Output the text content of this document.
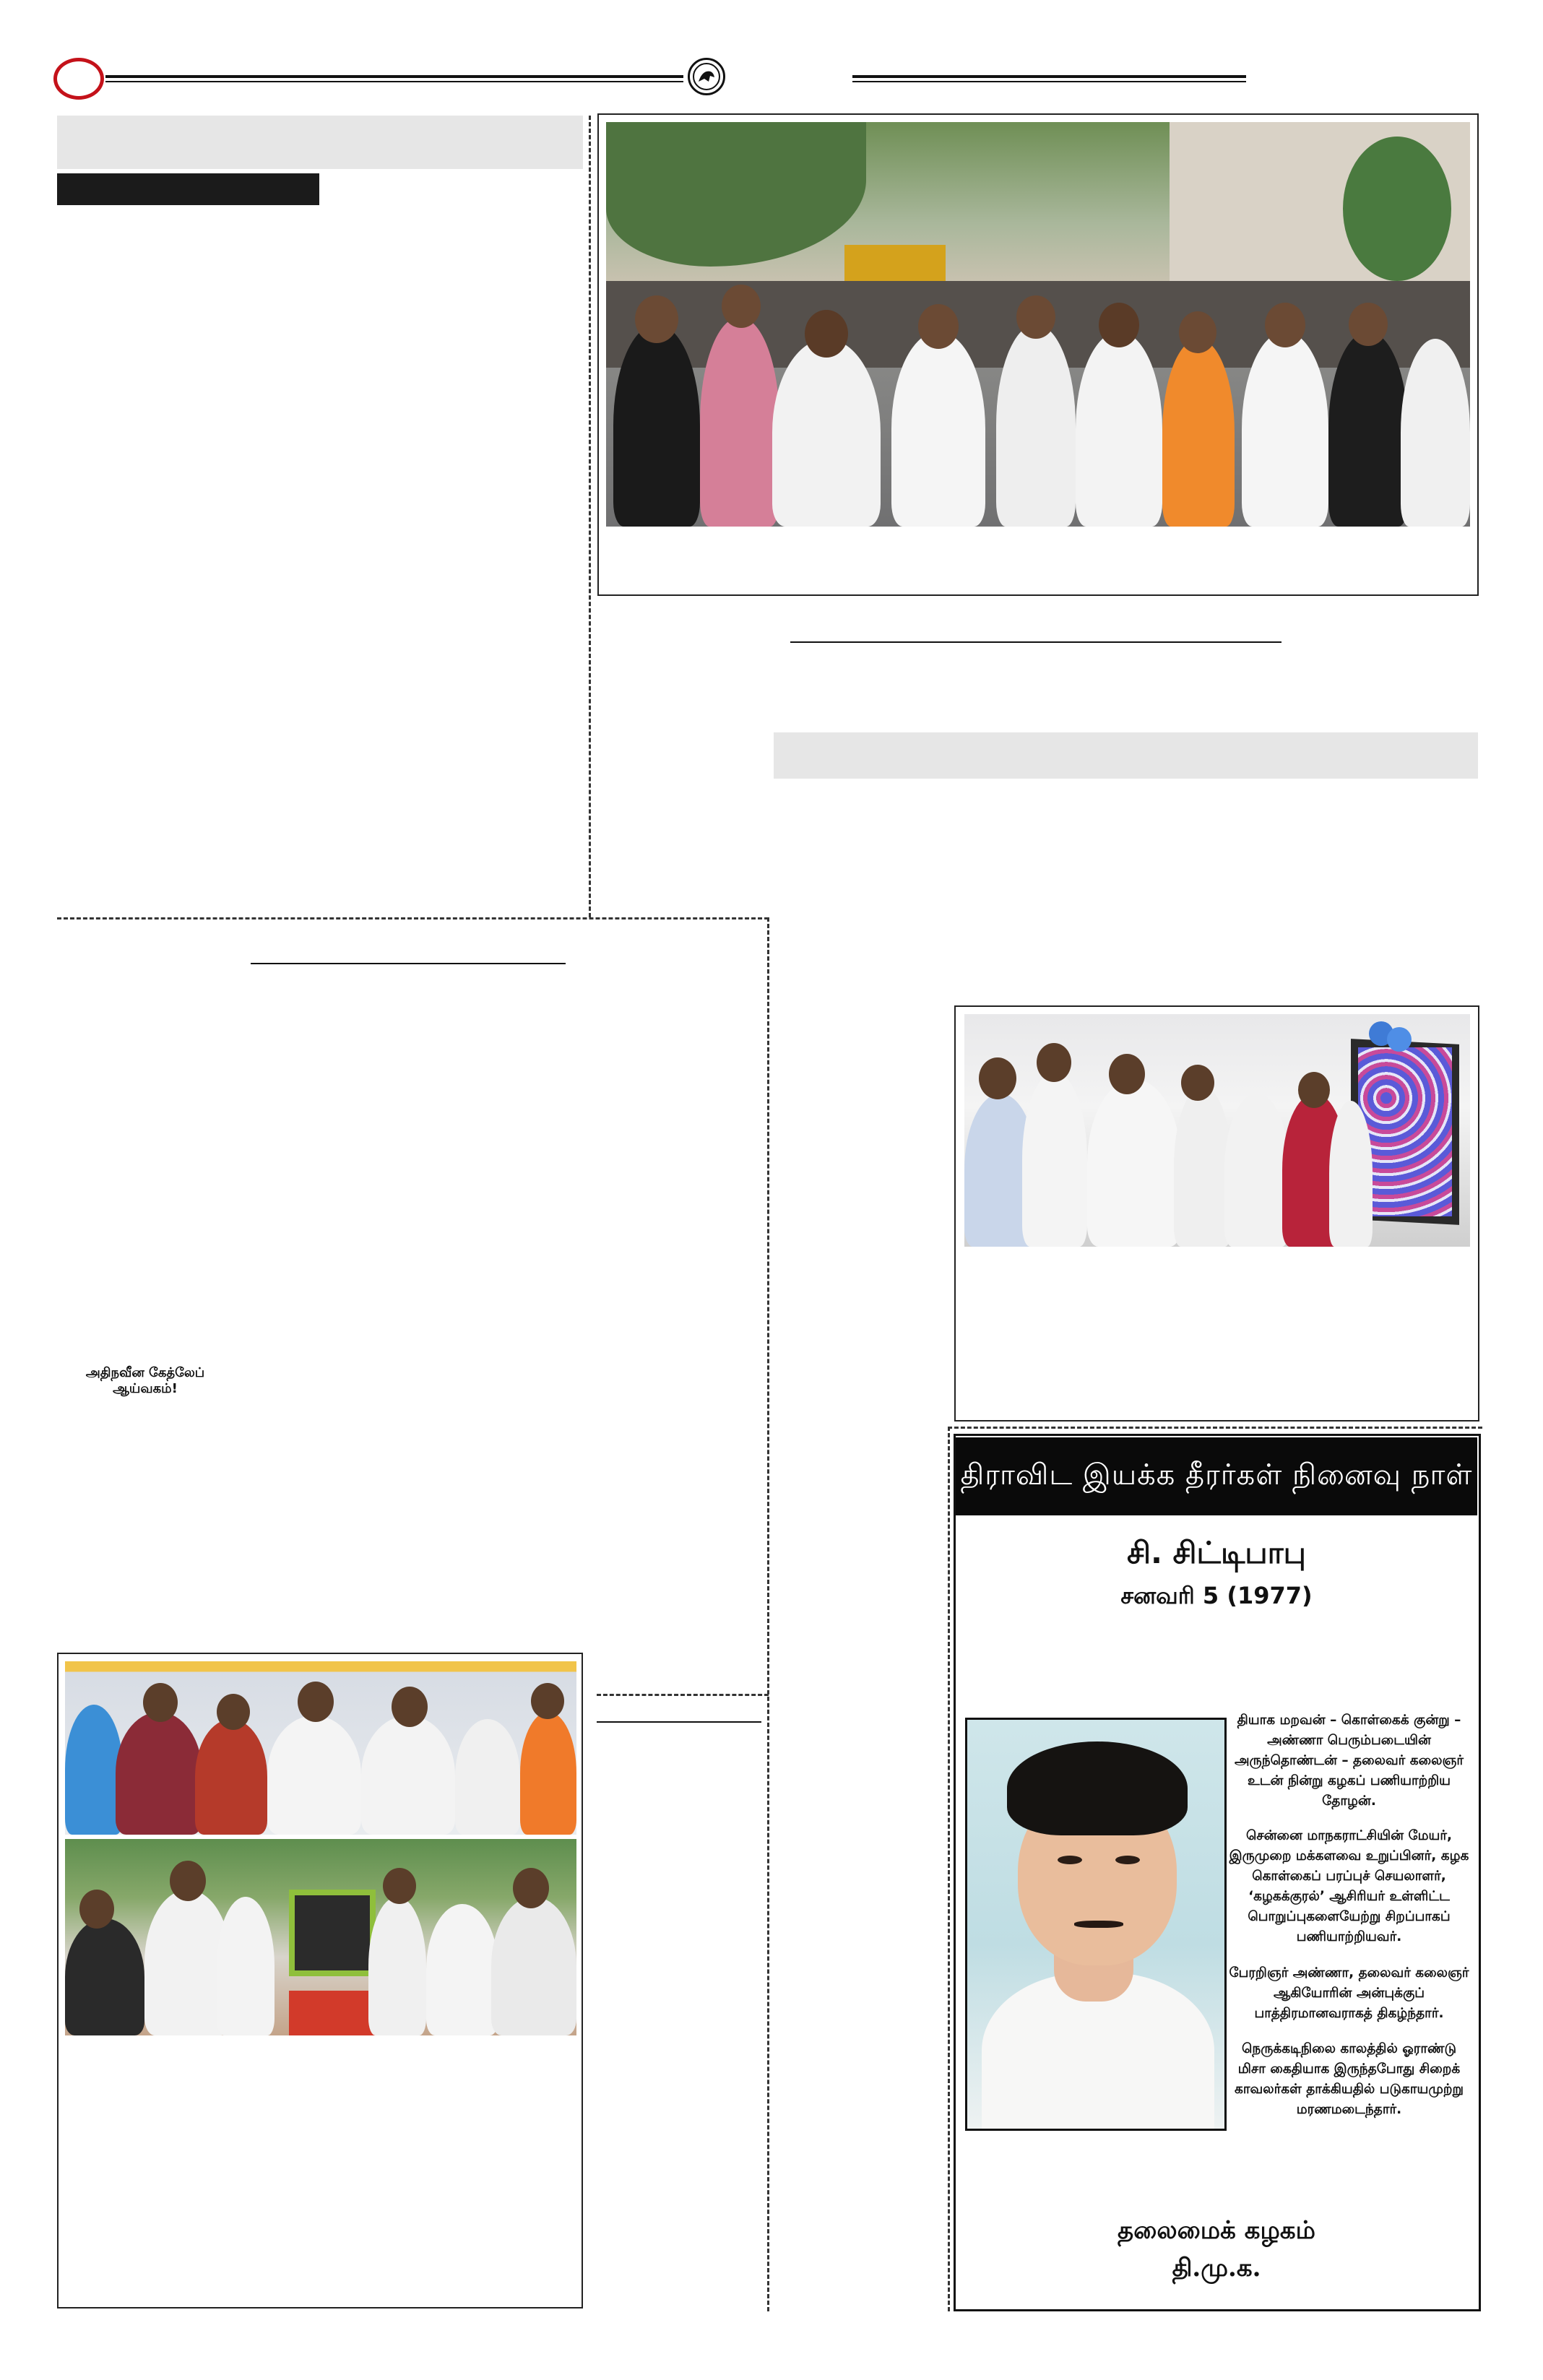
அதிநவீன கேத்லேப்
ஆய்வகம்!
திராவிட இயக்க தீரர்கள் நினைவு நாள்
சி. சிட்டிபாபு
சனவரி 5 (1977)
தியாக மறவன் – கொள்கைக் குன்று – அண்ணா பெரும்படையின் அருந்தொண்டன் – தலைவர் கலைஞர் உடன் நின்று கழகப் பணியாற்றிய தோழன்.
சென்னை மாநகராட்சியின் மேயர், இருமுறை மக்களவை உறுப்பினர், கழக கொள்கைப் பரப்புச் செயலாளர், ‘கழகக்குரல்’ ஆசிரியர் உள்ளிட்ட பொறுப்புகளையேற்று சிறப்பாகப் பணியாற்றியவர்.
பேரறிஞர் அண்ணா, தலைவர் கலைஞர் ஆகியோரின் அன்புக்குப் பாத்திரமானவராகத் திகழ்ந்தார்.
நெருக்கடிநிலை காலத்தில் ஓராண்டு மிசா கைதியாக இருந்தபோது சிறைக் காவலர்கள் தாக்கியதில் படுகாயமுற்று மரணமடைந்தார்.
தலைமைக் கழகம்
தி.மு.க.
